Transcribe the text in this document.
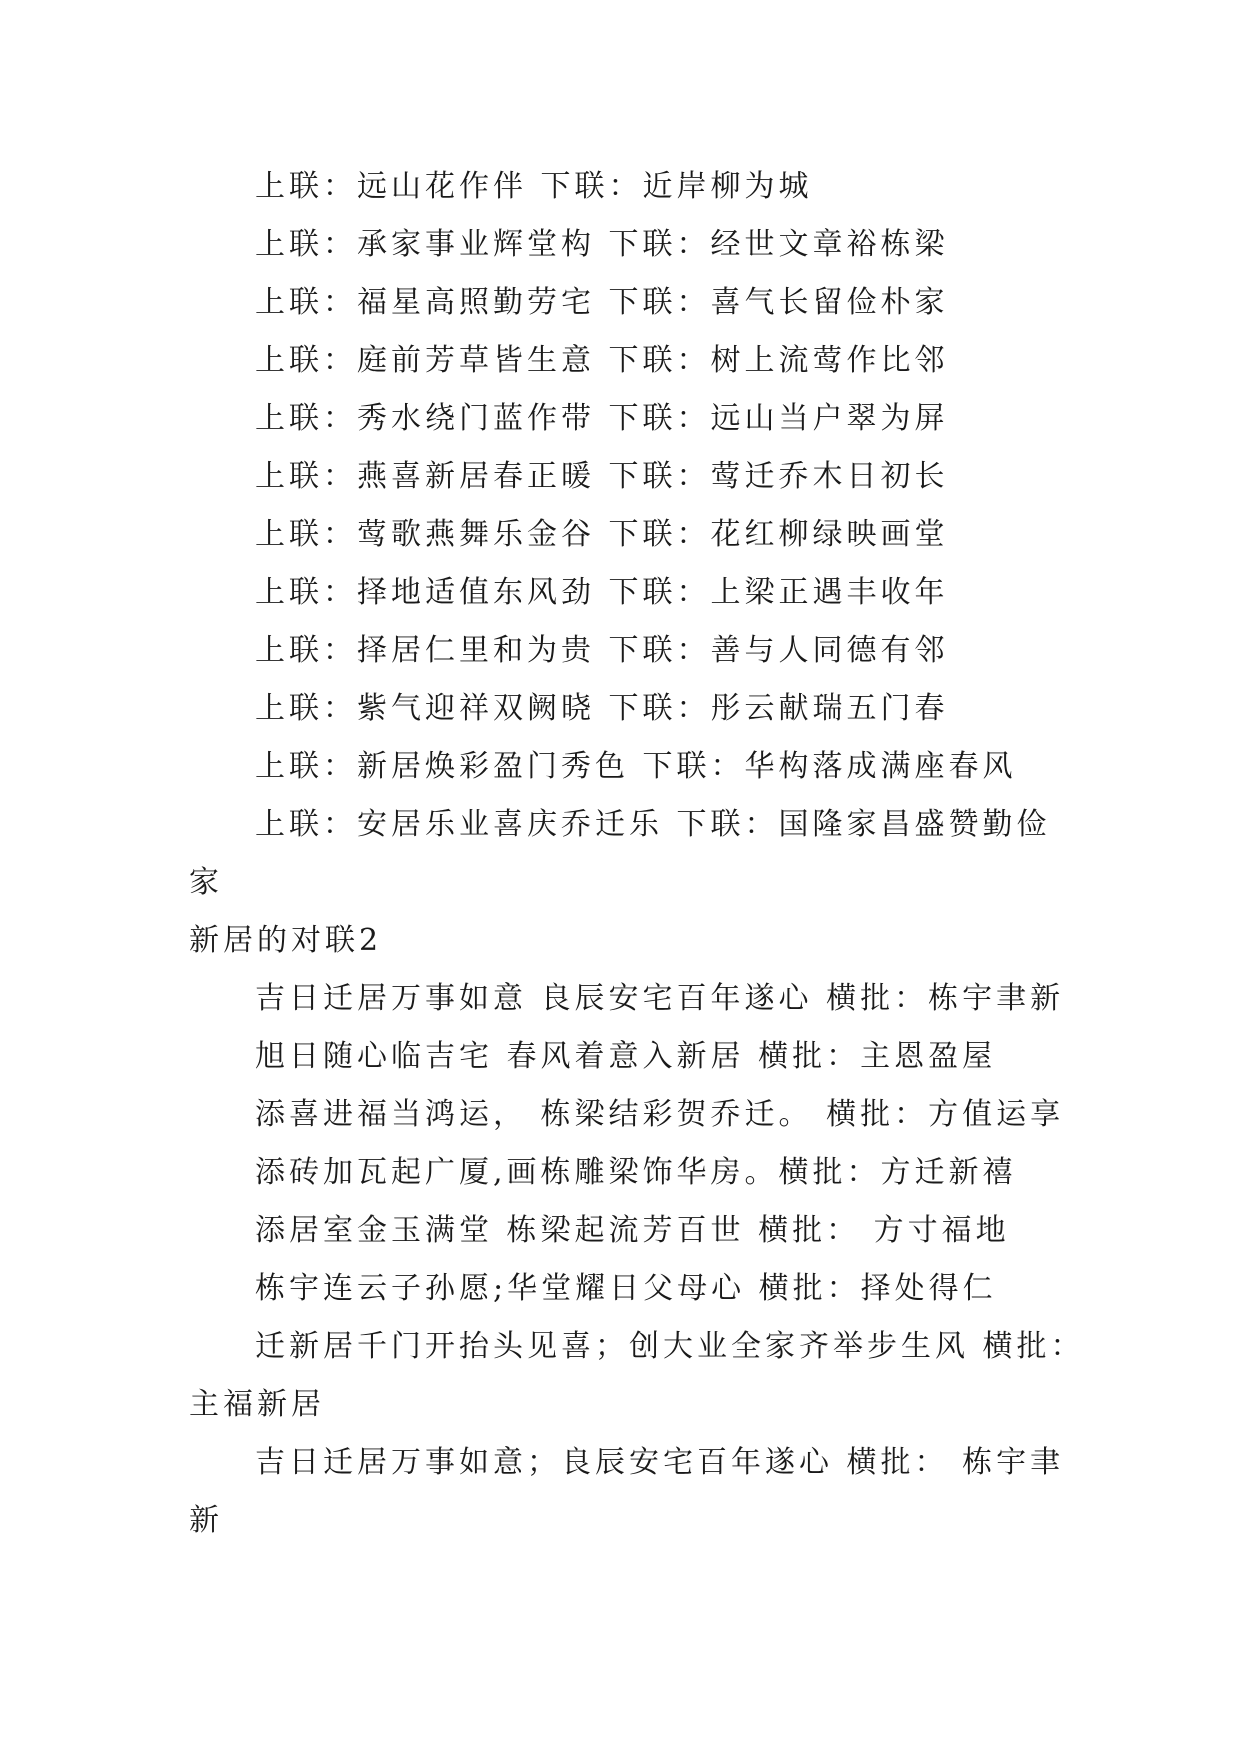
上联：远山花作伴 下联：近岸柳为城
上联：承家事业辉堂构 下联：经世文章裕栋梁
上联：福星高照勤劳宅 下联：喜气长留俭朴家
上联：庭前芳草皆生意 下联：树上流莺作比邻
上联：秀水绕门蓝作带 下联：远山当户翠为屏
上联：燕喜新居春正暖 下联：莺迁乔木日初长
上联：莺歌燕舞乐金谷 下联：花红柳绿映画堂
上联：择地适值东风劲 下联：上梁正遇丰收年
上联：择居仁里和为贵 下联：善与人同德有邻
上联：紫气迎祥双阙晓 下联：彤云献瑞五门春
上联：新居焕彩盈门秀色 下联：华构落成满座春风
上联：安居乐业喜庆乔迁乐 下联：国隆家昌盛赞勤俭
家
新居的对联2
吉日迁居万事如意 良辰安宅百年遂心 横批：栋宇聿新
旭日随心临吉宅 春风着意入新居 横批：主恩盈屋
添喜进福当鸿运， 栋梁结彩贺乔迁。 横批：方值运享
添砖加瓦起广厦,画栋雕梁饰华房。横批：方迁新禧
添居室金玉满堂 栋梁起流芳百世 横批： 方寸福地
栋宇连云子孙愿;华堂耀日父母心 横批：择处得仁
迁新居千门开抬头见喜；创大业全家齐举步生风 横批：
主福新居
吉日迁居万事如意；良辰安宅百年遂心 横批： 栋宇聿
新
